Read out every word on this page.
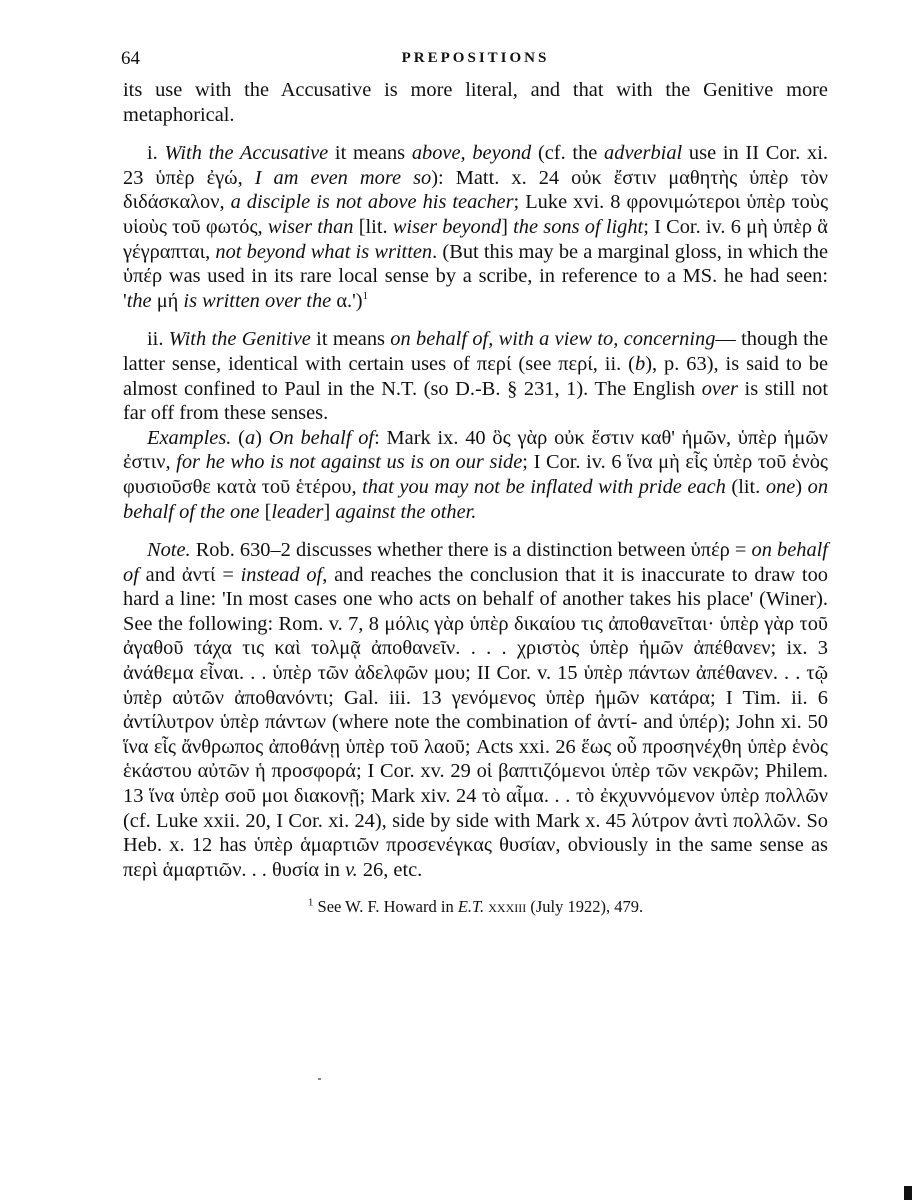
64	PREPOSITIONS

its use with the Accusative is more literal, and that with the Genitive more metaphorical.

i. With the Accusative it means above, beyond (cf. the adverbial use in II Cor. xi. 23 ὑπὲρ ἐγώ, I am even more so): Matt. x. 24 οὐκ ἔστιν μαθητὴς ὑπὲρ τὸν διδάσκαλον, a disciple is not above his teacher; Luke xvi. 8 φρονιμώτεροι ὑπὲρ τοὺς υἱοὺς τοῦ φωτός, wiser than [lit. wiser beyond] the sons of light; I Cor. iv. 6 μὴ ὑπὲρ ἃ γέγραπται, not beyond what is written. (But this may be a marginal gloss, in which the ὑπέρ was used in its rare local sense by a scribe, in reference to a MS. he had seen: 'the μή is written over the α.')$^1$

ii. With the Genitive it means on behalf of, with a view to, concerning— though the latter sense, identical with certain uses of περί (see περί, ii. (b), p. 63), is said to be almost confined to Paul in the N.T. (so D.-B. § 231, 1). The English over is still not far off from these senses.

Examples. (a) On behalf of: Mark ix. 40 ὃς γὰρ οὐκ ἔστιν καθ' ἡμῶν, ὑπὲρ ἡμῶν ἐστιν, for he who is not against us is on our side; I Cor. iv. 6 ἵνα μὴ εἷς ὑπὲρ τοῦ ἑνὸς φυσιοῦσθε κατὰ τοῦ ἑτέρου, that you may not be inflated with pride each (lit. one) on behalf of the one [leader] against the other.

Note. Rob. 630–2 discusses whether there is a distinction between ὑπέρ = on behalf of and ἀντί = instead of, and reaches the conclusion that it is inaccurate to draw too hard a line: 'In most cases one who acts on behalf of another takes his place' (Winer). See the following: Rom. v. 7, 8 μόλις γὰρ ὑπὲρ δικαίου τις ἀποθανεῖται· ὑπὲρ γὰρ τοῦ ἀγαθοῦ τάχα τις καὶ τολμᾷ ἀποθανεῖν. . . . χριστὸς ὑπὲρ ἡμῶν ἀπέθανεν; ix. 3 ἀνάθεμα εἶναι. . . ὑπὲρ τῶν ἀδελφῶν μου; II Cor. v. 15 ὑπὲρ πάντων ἀπέθανεν. . . τῷ ὑπὲρ αὐτῶν ἀποθανόντι; Gal. iii. 13 γενόμενος ὑπὲρ ἡμῶν κατάρα; I Tim. ii. 6 ἀντίλυτρον ὑπὲρ πάντων (where note the combination of ἀντί- and ὑπέρ); John xi. 50 ἵνα εἷς ἄνθρωπος ἀποθάνῃ ὑπὲρ τοῦ λαοῦ; Acts xxi. 26 ἕως οὗ προσηνέχθη ὑπὲρ ἑνὸς ἑκάστου αὐτῶν ἡ προσφορά; I Cor. xv. 29 οἱ βαπτιζόμενοι ὑπὲρ τῶν νεκρῶν; Philem. 13 ἵνα ὑπὲρ σοῦ μοι διακονῇ; Mark xiv. 24 τὸ αἷμα. . . τὸ ἐκχυννόμενον ὑπὲρ πολλῶν (cf. Luke xxii. 20, I Cor. xi. 24), side by side with Mark x. 45 λύτρον ἀντὶ πολλῶν. So Heb. x. 12 has ὑπὲρ ἁμαρτιῶν προσενέγκας θυσίαν, obviously in the same sense as περὶ ἁμαρτιῶν. . . θυσία in v. 26, etc.

$^1$ See W. F. Howard in E.T. xxxiii (July 1922), 479.
